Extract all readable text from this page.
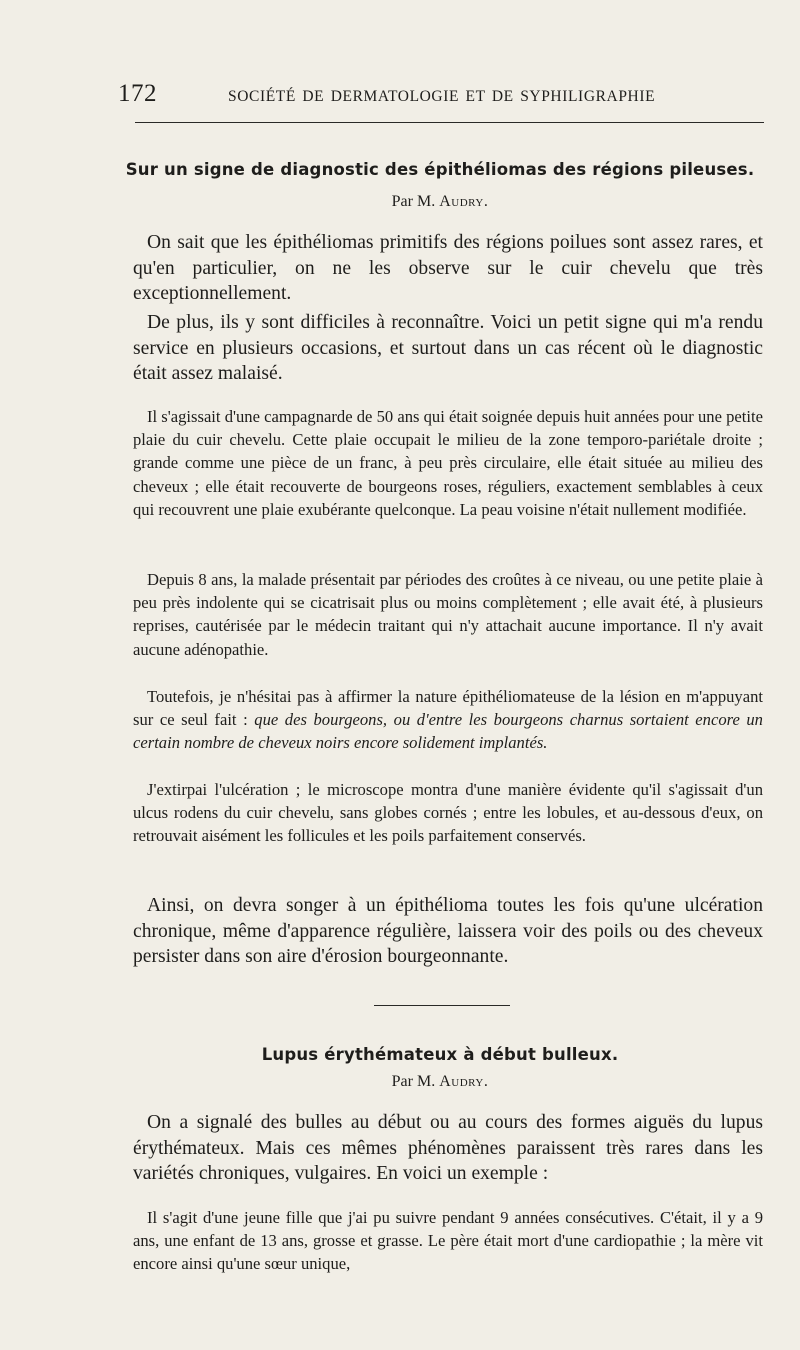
172	SOCIÉTÉ DE DERMATOLOGIE ET DE SYPHILIGRAPHIE
Sur un signe de diagnostic des épithéliomas des régions pileuses.
Par M. Audry.
On sait que les épithéliomas primitifs des régions poilues sont assez rares, et qu'en particulier, on ne les observe sur le cuir chevelu que très exceptionnellement.
De plus, ils y sont difficiles à reconnaître. Voici un petit signe qui m'a rendu service en plusieurs occasions, et surtout dans un cas récent où le diagnostic était assez malaisé.
Il s'agissait d'une campagnarde de 50 ans qui était soignée depuis huit années pour une petite plaie du cuir chevelu. Cette plaie occupait le milieu de la zone temporo-pariétale droite ; grande comme une pièce de un franc, à peu près circulaire, elle était située au milieu des cheveux ; elle était recouverte de bourgeons roses, réguliers, exactement semblables à ceux qui recouvrent une plaie exubérante quelconque. La peau voisine n'était nullement modifiée.
Depuis 8 ans, la malade présentait par périodes des croûtes à ce niveau, ou une petite plaie à peu près indolente qui se cicatrisait plus ou moins complètement ; elle avait été, à plusieurs reprises, cautérisée par le médecin traitant qui n'y attachait aucune importance. Il n'y avait aucune adénopathie.
Toutefois, je n'hésitai pas à affirmer la nature épithéliomateuse de la lésion en m'appuyant sur ce seul fait : que des bourgeons, ou d'entre les bourgeons charnus sortaient encore un certain nombre de cheveux noirs encore solidement implantés.
J'extirpai l'ulcération ; le microscope montra d'une manière évidente qu'il s'agissait d'un ulcus rodens du cuir chevelu, sans globes cornés ; entre les lobules, et au-dessous d'eux, on retrouvait aisément les follicules et les poils parfaitement conservés.
Ainsi, on devra songer à un épithélioma toutes les fois qu'une ulcération chronique, même d'apparence régulière, laissera voir des poils ou des cheveux persister dans son aire d'érosion bourgeonnante.
Lupus érythémateux à début bulleux.
Par M. Audry.
On a signalé des bulles au début ou au cours des formes aiguës du lupus érythémateux. Mais ces mêmes phénomènes paraissent très rares dans les variétés chroniques, vulgaires. En voici un exemple :
Il s'agit d'une jeune fille que j'ai pu suivre pendant 9 années consécutives. C'était, il y a 9 ans, une enfant de 13 ans, grosse et grasse. Le père était mort d'une cardiopathie ; la mère vit encore ainsi qu'une sœur unique,
